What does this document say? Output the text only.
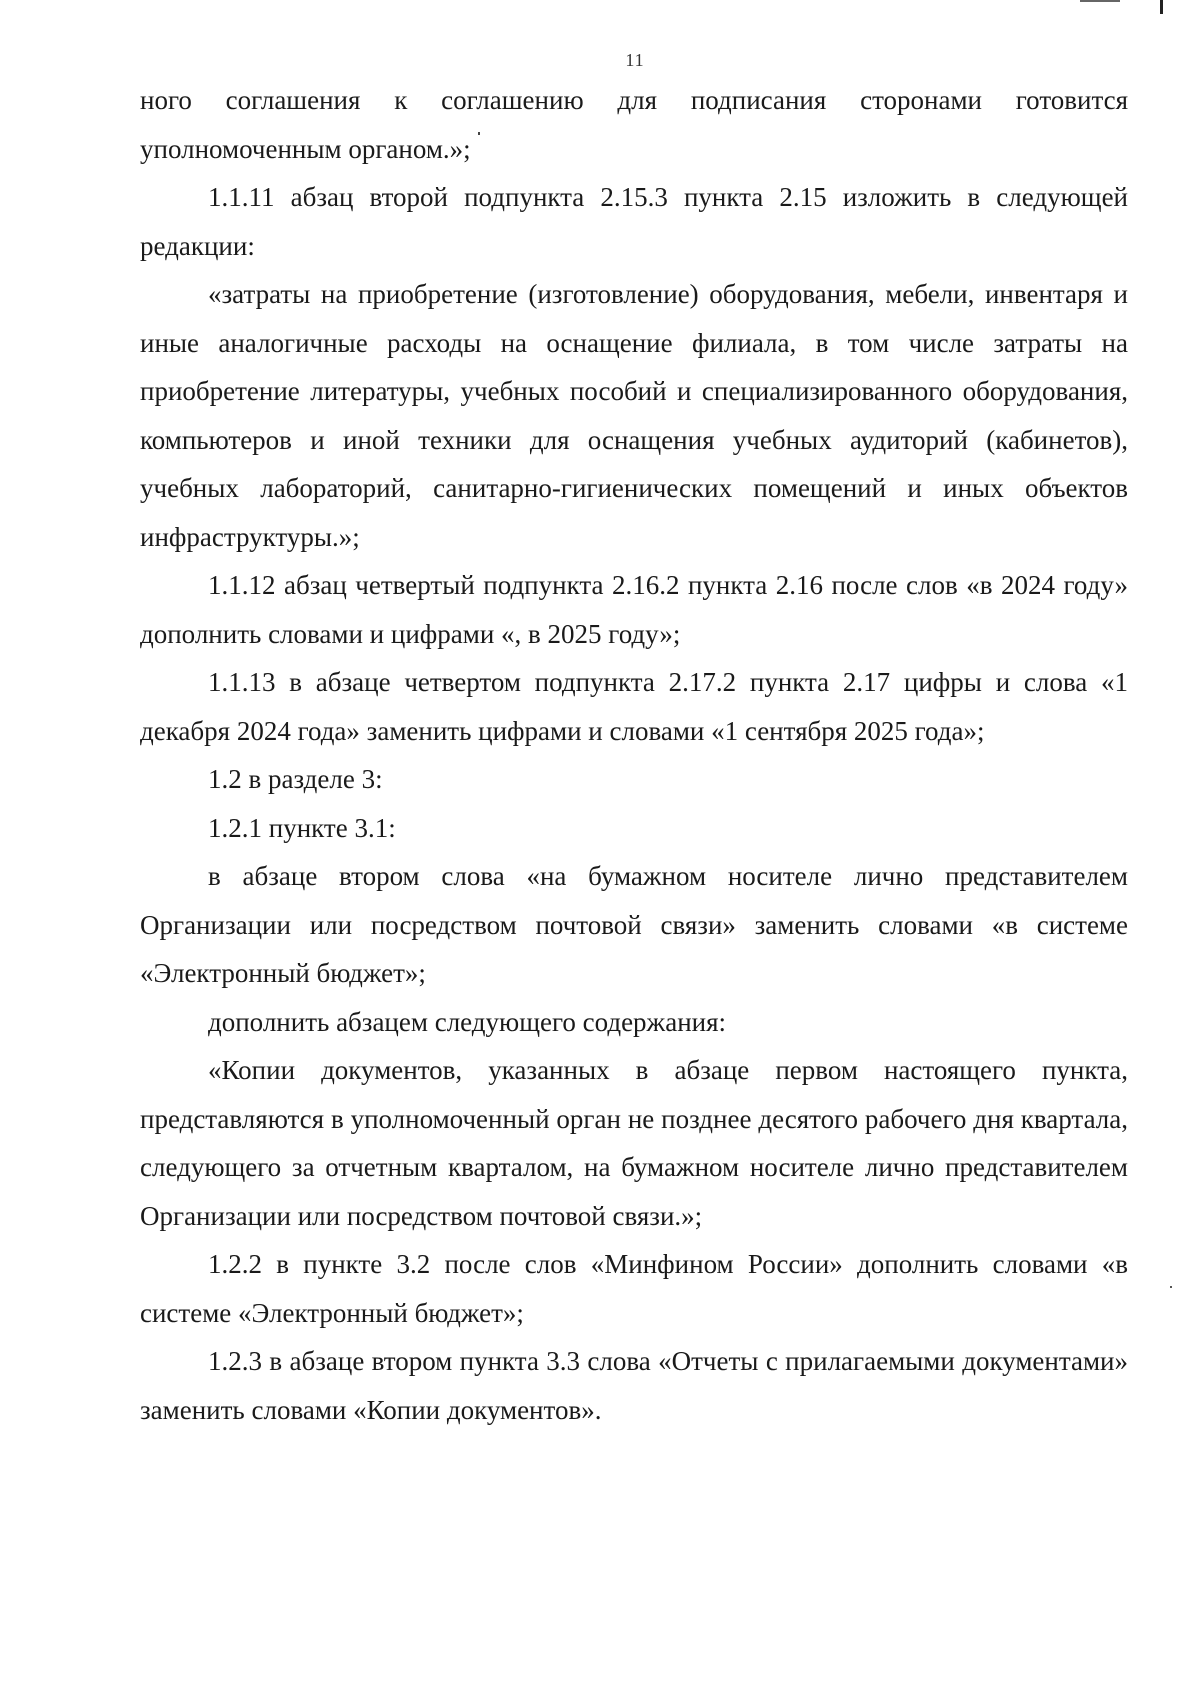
11

ного соглашения к соглашению для подписания сторонами готовится уполномоченным органом.»;

1.1.11 абзац второй подпункта 2.15.3 пункта 2.15 изложить в следующей редакции:

«затраты на приобретение (изготовление) оборудования, мебели, инвентаря и иные аналогичные расходы на оснащение филиала, в том числе затраты на приобретение литературы, учебных пособий и специализированного оборудования, компьютеров и иной техники для оснащения учебных аудиторий (кабинетов), учебных лабораторий, санитарно-гигиенических помещений и иных объектов инфраструктуры.»;

1.1.12 абзац четвертый подпункта 2.16.2 пункта 2.16 после слов «в 2024 году» дополнить словами и цифрами «, в 2025 году»;

1.1.13 в абзаце четвертом подпункта 2.17.2 пункта 2.17 цифры и слова «1 декабря 2024 года» заменить цифрами и словами «1 сентября 2025 года»;

1.2 в разделе 3:

1.2.1 пункте 3.1:

в абзаце втором слова «на бумажном носителе лично представителем Организации или посредством почтовой связи» заменить словами «в системе «Электронный бюджет»;

дополнить абзацем следующего содержания:

«Копии документов, указанных в абзаце первом настоящего пункта, представляются в уполномоченный орган не позднее десятого рабочего дня квартала, следующего за отчетным кварталом, на бумажном носителе лично представителем Организации или посредством почтовой связи.»;

1.2.2 в пункте 3.2 после слов «Минфином России» дополнить словами «в системе «Электронный бюджет»;

1.2.3 в абзаце втором пункта 3.3 слова «Отчеты с прилагаемыми документами» заменить словами «Копии документов».
